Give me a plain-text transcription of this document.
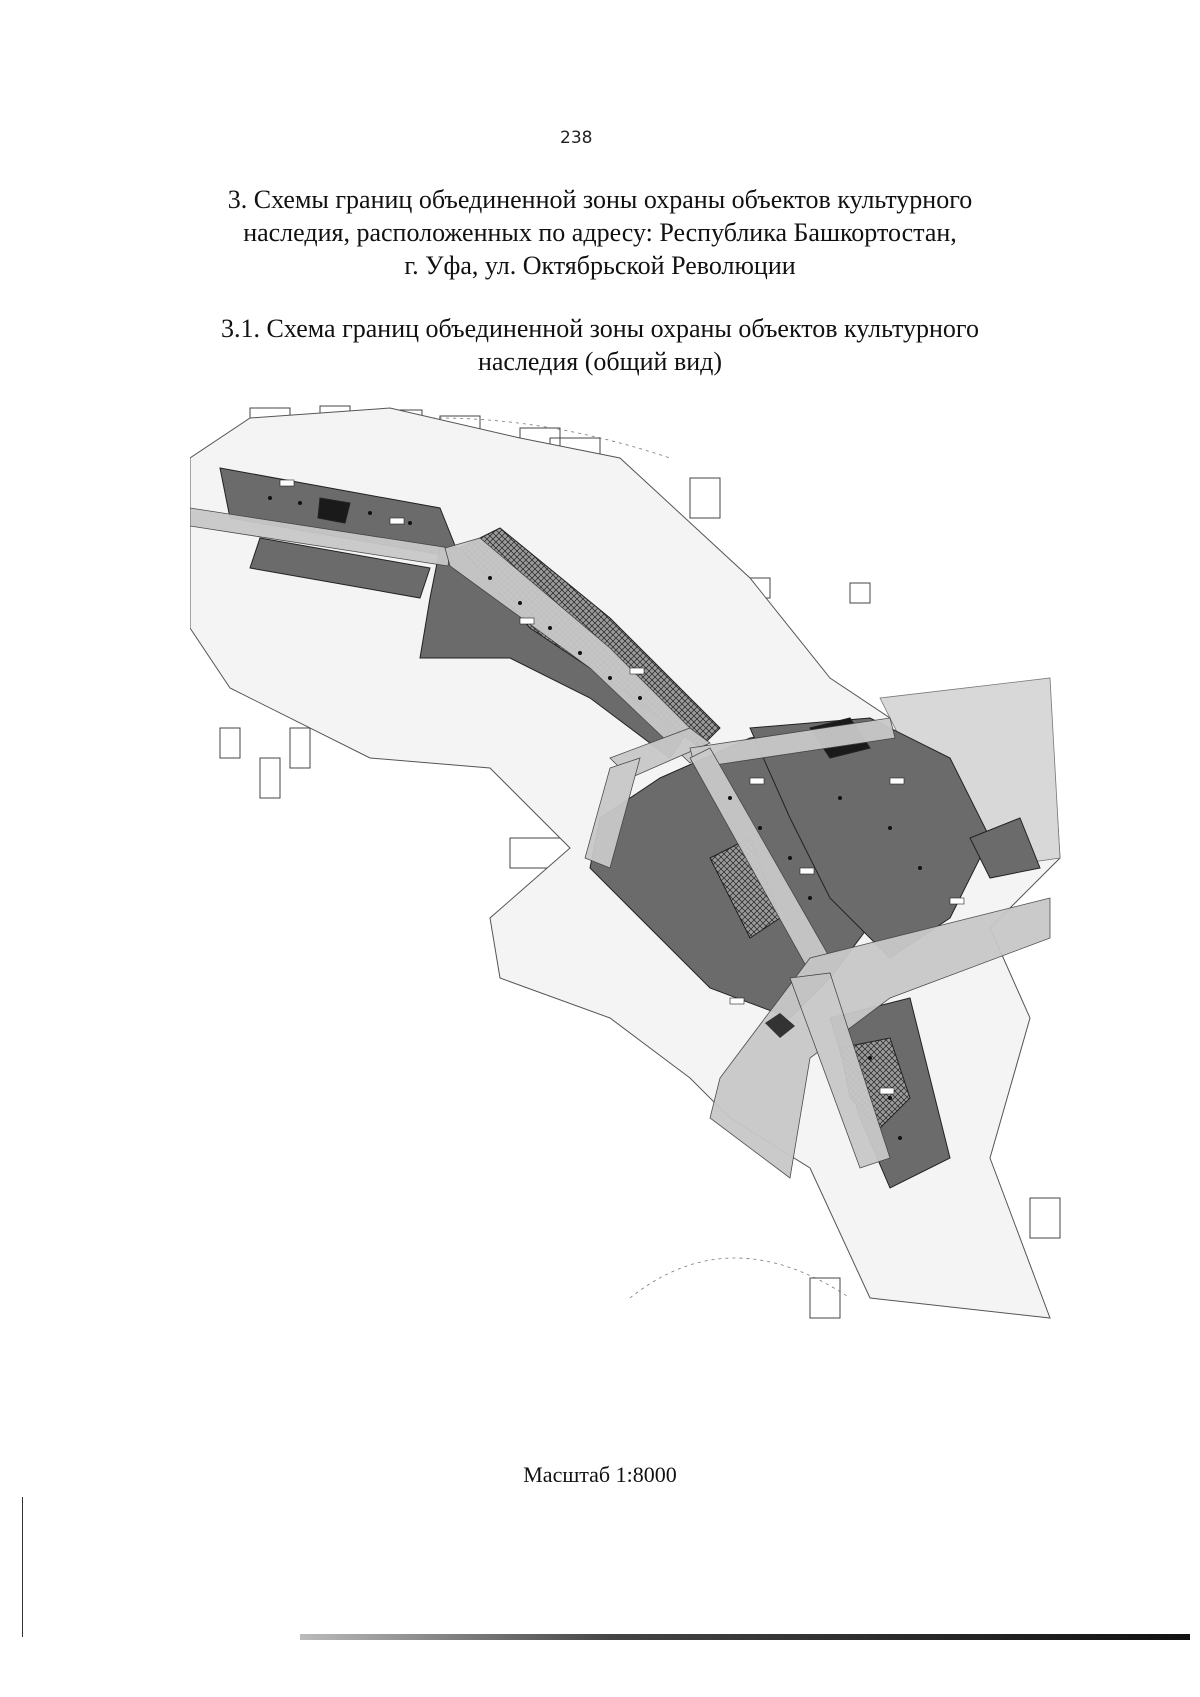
238
3. Схемы границ объединенной зоны охраны объектов культурного
наследия, расположенных по адресу: Республика Башкортостан,
г. Уфа, ул. Октябрьской Революции
3.1. Схема границ объединенной зоны охраны объектов культурного
наследия (общий вид)
Масштаб 1:8000
